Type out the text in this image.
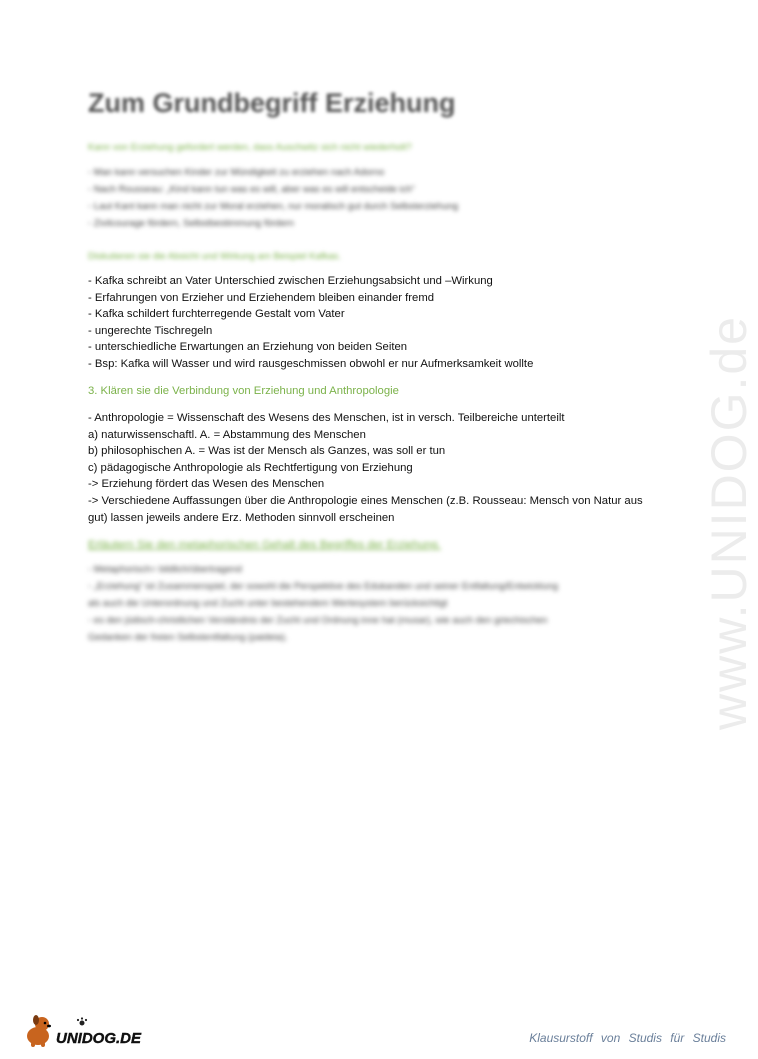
Zum Grundbegriff Erziehung
Kann von Erziehung gefordert werden, dass Auschwitz sich nicht wiederholt?
- Man kann versuchen Kinder zur Mündigkeit zu erziehen nach Adorno
- Nach Rousseau: „Kind kann tun was es will, aber was es will entscheide ich“
- Laut Kant kann man nicht zur Moral erziehen, nur moralisch gut durch Selbsterziehung
- Zivilcourage fördern, Selbstbestimmung fördern
Diskutieren sie die Absicht und Wirkung am Beispiel Kafkas.
- Kafka schreibt an Vater Unterschied zwischen Erziehungsabsicht und –Wirkung
- Erfahrungen von Erzieher und Erziehendem bleiben einander fremd
- Kafka schildert furchterregende Gestalt vom Vater
- ungerechte Tischregeln
- unterschiedliche Erwartungen an Erziehung von beiden Seiten
- Bsp: Kafka will Wasser und wird rausgeschmissen obwohl er nur Aufmerksamkeit wollte
3. Klären sie die Verbindung von Erziehung und Anthropologie
- Anthropologie = Wissenschaft des Wesens des Menschen, ist in versch. Teilbereiche unterteilt
a) naturwissenschaftl. A. = Abstammung des Menschen
b) philosophischen A. = Was ist der Mensch als Ganzes, was soll er tun
c) pädagogische Anthropologie als Rechtfertigung von Erziehung
-> Erziehung fördert das Wesen des Menschen
-> Verschiedene Auffassungen über die Anthropologie eines Menschen (z.B. Rousseau: Mensch von Natur aus
gut) lassen jeweils andere Erz. Methoden sinnvoll erscheinen
Erläutern Sie den metaphorischen Gehalt des Begriffes der Erziehung.
- Metaphorisch= bildlich/übertragend
- „Erziehung“ ist Zusammenspiel, der sowohl die Perspektive des Edukanden und seiner Entfaltung/Entwicklung
als auch die Unterordnung und Zucht unter bestehendem Wertesystem berücksichtigt
- es den jüdisch-christlichen Verständnis der Zucht und Ordnung inne hat (musar), wie auch den griechischen
Gedanken der freien Selbstentfaltung (paideia).	www.UNIDOG.de
UNIDOG.DE	Klausurstoff von Studis für Studis
